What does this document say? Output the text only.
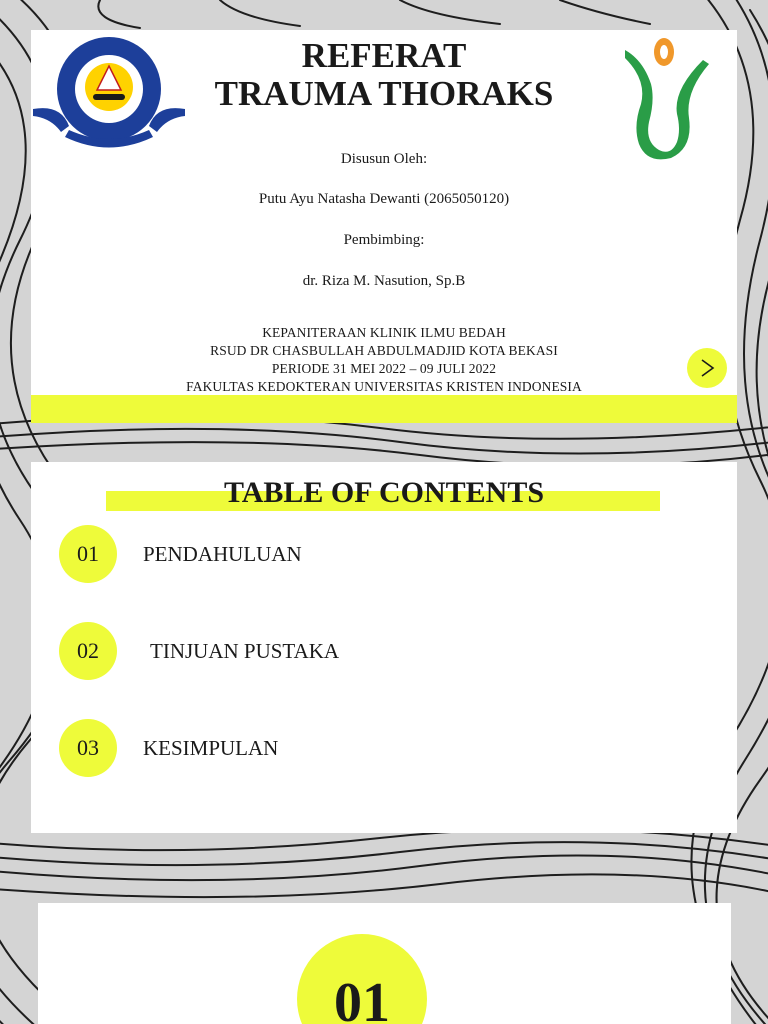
REFERAT
TRAUMA THORAKS
Disusun Oleh:
Putu Ayu Natasha Dewanti (2065050120)
Pembimbing:
dr. Riza M. Nasution, Sp.B
KEPANITERAAN KLINIK ILMU BEDAH
RSUD DR CHASBULLAH ABDULMADJID KOTA BEKASI
PERIODE 31 MEI 2022 – 09 JULI 2022
FAKULTAS KEDOKTERAN UNIVERSITAS KRISTEN INDONESIA
TABLE OF CONTENTS
01	PENDAHULUAN
02	TINJUAN PUSTAKA
03	KESIMPULAN
01
